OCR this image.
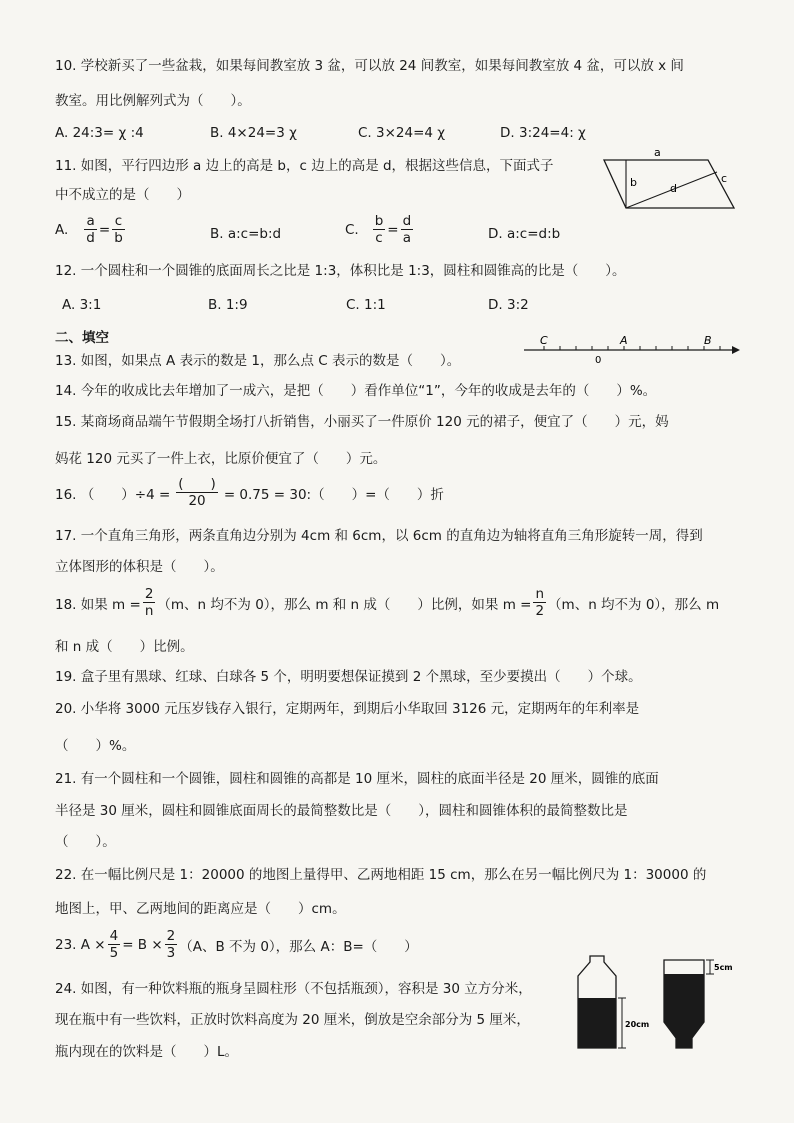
10. 学校新买了一些盆栽，如果每间教室放 3 盆，可以放 24 间教室，如果每间教室放 4 盆，可以放 x 间
教室。用比例解列式为（　　）。
A. 24:3= χ :4	B. 4×24=3 χ	C. 3×24=4 χ	D. 3:24=4: χ
11. 如图，平行四边形 a 边上的高是 b，c 边上的高是 d，根据这些信息，下面式子
中不成立的是（　　）
a
b	d
c
A. $\frac{a}{d} = \frac{c}{b}$	B. a:c=b:d	C. $\frac{b}{c} = \frac{d}{a}$	D. a:c=d:b
12. 一个圆柱和一个圆锥的底面周长之比是 1:3，体积比是 1:3，圆柱和圆锥高的比是（　　）。
A. 3:1	B. 1:9	C. 1:1	D. 3:2
二、填空
13. 如图，如果点 A 表示的数是 1，那么点 C 表示的数是（　　）。
C
0
A	B
14. 今年的收成比去年增加了一成六，是把（　　）看作单位“1”，今年的收成是去年的（　　）%。
15. 某商场商品端午节假期全场打八折销售，小丽买了一件原价 120 元的裙子，便宜了（　　）元，妈
妈花 120 元买了一件上衣，比原价便宜了（　　）元。
16. （　　）$\div 4 = \frac{( )}{20} = 0.75$ = 30:（　　）=（　　）折
17. 一个直角三角形，两条直角边分别为 4cm 和 6cm，以 6cm 的直角边为轴将直角三角形旋转一周，得到
立体图形的体积是（　　）。
18. 如果 $m = \frac{2}{n} (m$、n 均不为 0），那么 m 和 n 成（　　）比例，如果 $m = \frac{n}{2} (m$、n 均不为 0），那么 m
和 n 成（　　）比例。
19. 盒子里有黑球、红球、白球各 5 个，明明要想保证摸到 2 个黑球，至少要摸出（　　）个球。
20. 小华将 3000 元压岁钱存入银行，定期两年，到期后小华取回 3126 元，定期两年的年利率是
（　　）%。
21. 有一个圆柱和一个圆锥，圆柱和圆锥的高都是 10 厘米，圆柱的底面半径是 20 厘米，圆锥的底面
半径是 30 厘米，圆柱和圆锥底面周长的最简整数比是（　　），圆柱和圆锥体积的最简整数比是
（　　）。
22. 在一幅比例尺是 1：20000 的地图上量得甲、乙两地相距 15 cm，那么在另一幅比例尺为 1：30000 的
地图上，甲、乙两地间的距离应是（　　）cm。
23. $A \times \frac{4}{5} = B \times \frac{2}{3} (A$、B 不为 0），那么 A：B=（　　）
24. 如图，有一种饮料瓶的瓶身呈圆柱形（不包括瓶颈），容积是 30 立方分米，
现在瓶中有一些饮料，正放时饮料高度为 20 厘米，倒放是空余部分为 5 厘米，
瓶内现在的饮料是（　　）L。
20cm
5cm
